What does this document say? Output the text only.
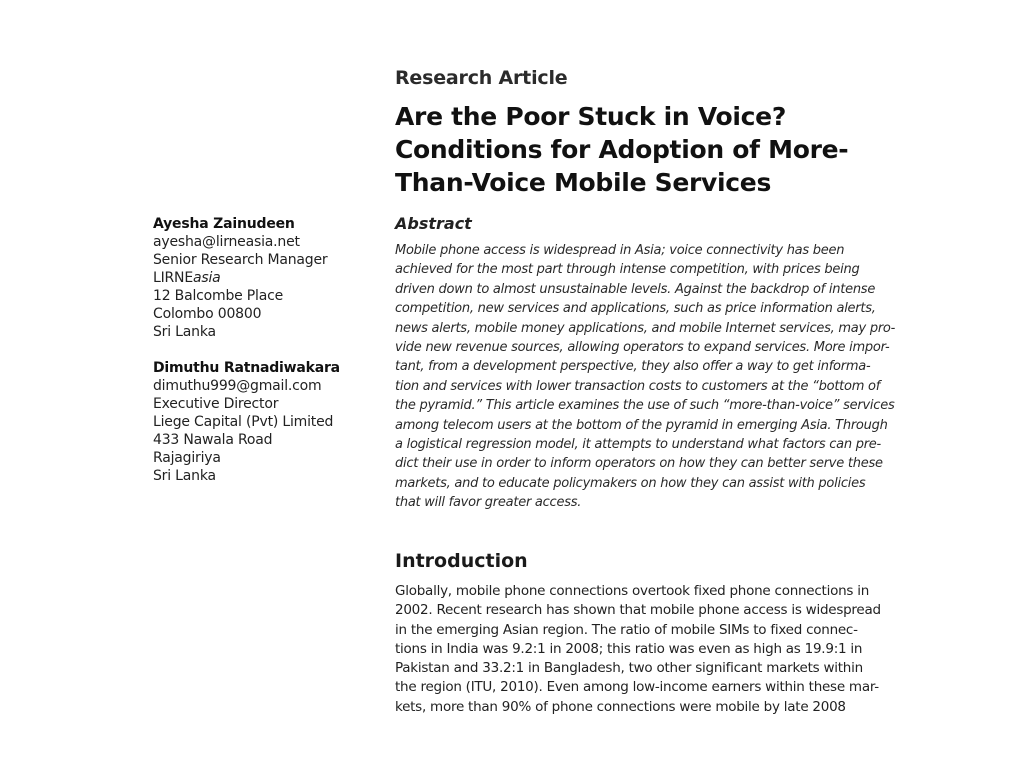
Research Article
Are the Poor Stuck in Voice?
Conditions for Adoption of More-
Than-Voice Mobile Services
Ayesha Zainudeen
ayesha@lirneasia.net
Senior Research Manager
LIRNEasia
12 Balcombe Place
Colombo 00800
Sri Lanka
Dimuthu Ratnadiwakara
dimuthu999@gmail.com
Executive Director
Liege Capital (Pvt) Limited
433 Nawala Road
Rajagiriya
Sri Lanka
Abstract
Mobile phone access is widespread in Asia; voice connectivity has been
achieved for the most part through intense competition, with prices being
driven down to almost unsustainable levels. Against the backdrop of intense
competition, new services and applications, such as price information alerts,
news alerts, mobile money applications, and mobile Internet services, may pro-
vide new revenue sources, allowing operators to expand services. More impor-
tant, from a development perspective, they also offer a way to get informa-
tion and services with lower transaction costs to customers at the “bottom of
the pyramid.” This article examines the use of such “more-than-voice” services
among telecom users at the bottom of the pyramid in emerging Asia. Through
a logistical regression model, it attempts to understand what factors can pre-
dict their use in order to inform operators on how they can better serve these
markets, and to educate policymakers on how they can assist with policies
that will favor greater access.
Introduction
Globally, mobile phone connections overtook fixed phone connections in
2002. Recent research has shown that mobile phone access is widespread
in the emerging Asian region. The ratio of mobile SIMs to fixed connec-
tions in India was 9.2:1 in 2008; this ratio was even as high as 19.9:1 in
Pakistan and 33.2:1 in Bangladesh, two other significant markets within
the region (ITU, 2010). Even among low-income earners within these mar-
kets, more than 90% of phone connections were mobile by late 2008
